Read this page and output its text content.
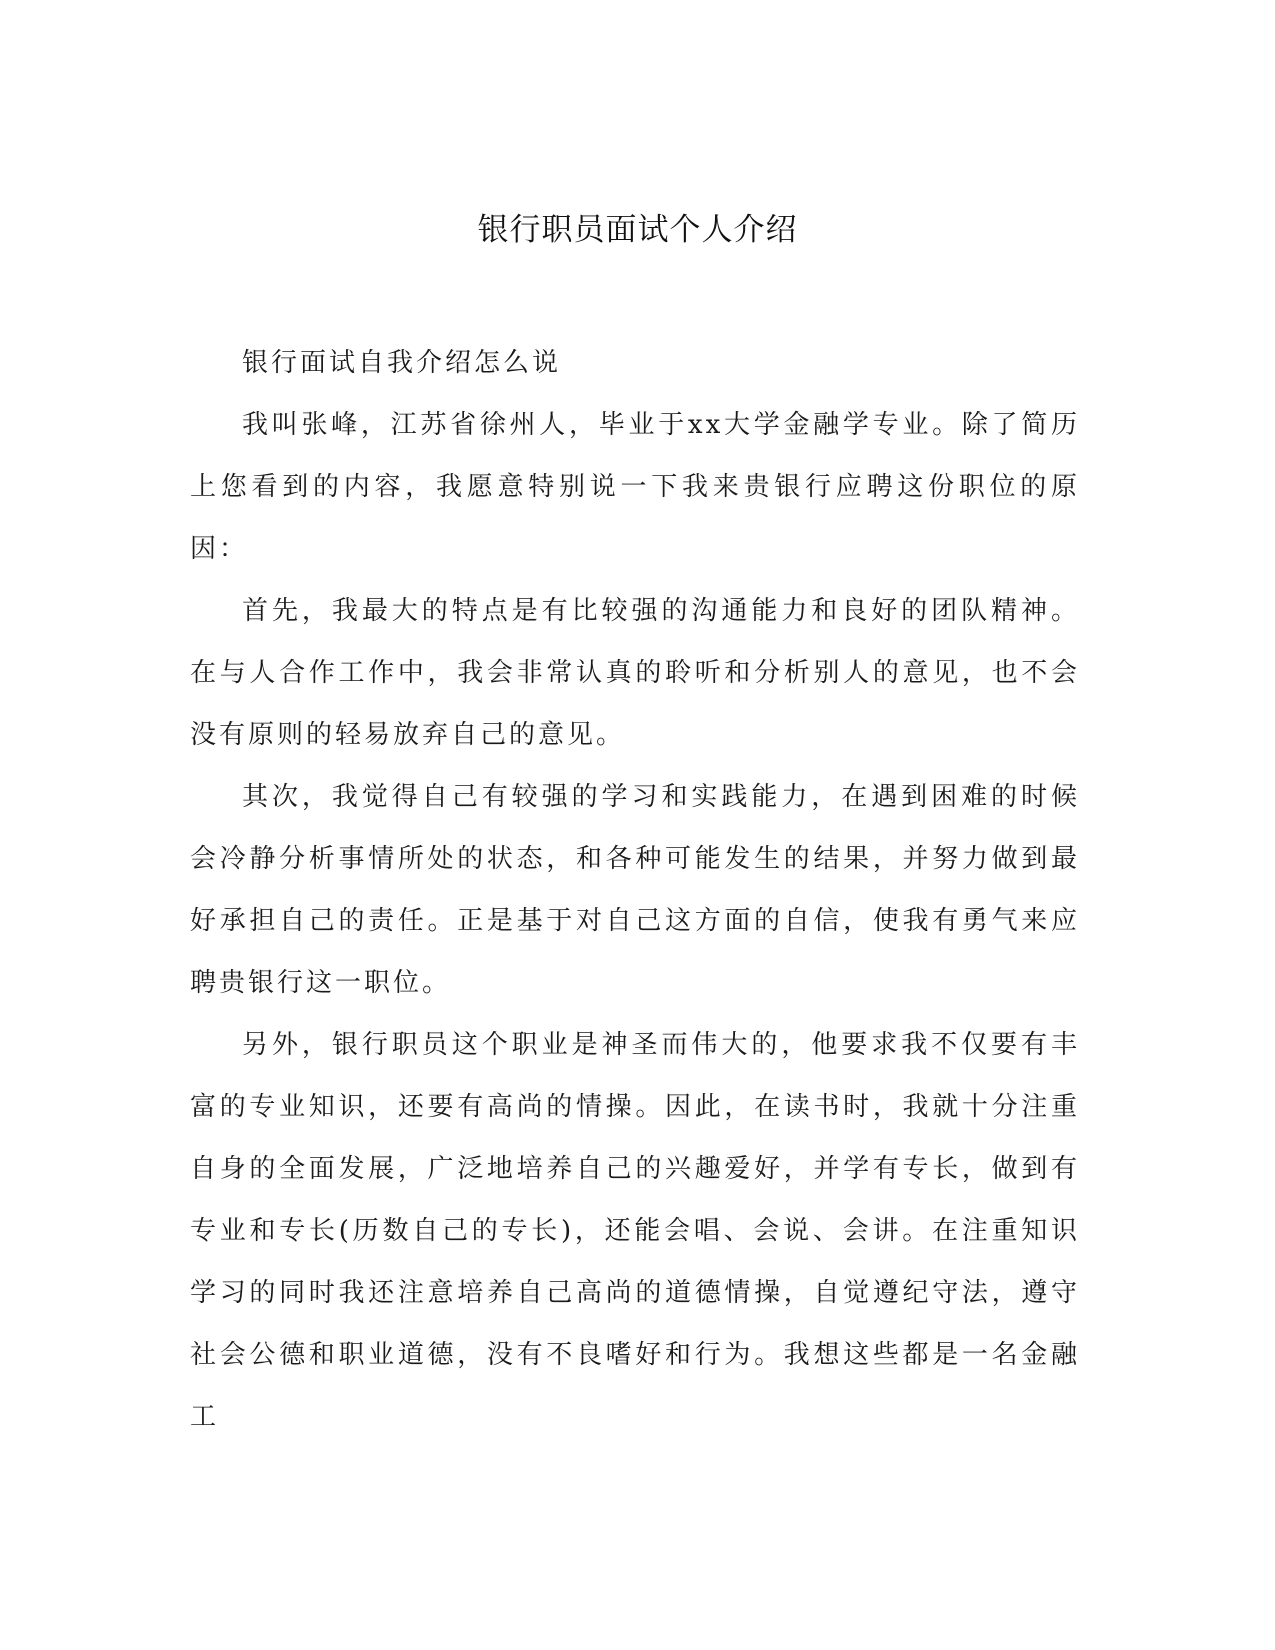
银行职员面试个人介绍

银行面试自我介绍怎么说

我叫张峰，江苏省徐州人，毕业于xx大学金融学专业。除了简历上您看到的内容，我愿意特别说一下我来贵银行应聘这份职位的原因：

首先，我最大的特点是有比较强的沟通能力和良好的团队精神。在与人合作工作中，我会非常认真的聆听和分析别人的意见，也不会没有原则的轻易放弃自己的意见。

其次，我觉得自己有较强的学习和实践能力，在遇到困难的时候会冷静分析事情所处的状态，和各种可能发生的结果，并努力做到最好承担自己的责任。正是基于对自己这方面的自信，使我有勇气来应聘贵银行这一职位。

另外，银行职员这个职业是神圣而伟大的，他要求我不仅要有丰富的专业知识，还要有高尚的情操。因此，在读书时，我就十分注重自身的全面发展，广泛地培养自己的兴趣爱好，并学有专长，做到有专业和专长(历数自己的专长)，还能会唱、会说、会讲。在注重知识学习的同时我还注意培养自己高尚的道德情操，自觉遵纪守法，遵守社会公德和职业道德，没有不良嗜好和行为。我想这些都是一名金融工
